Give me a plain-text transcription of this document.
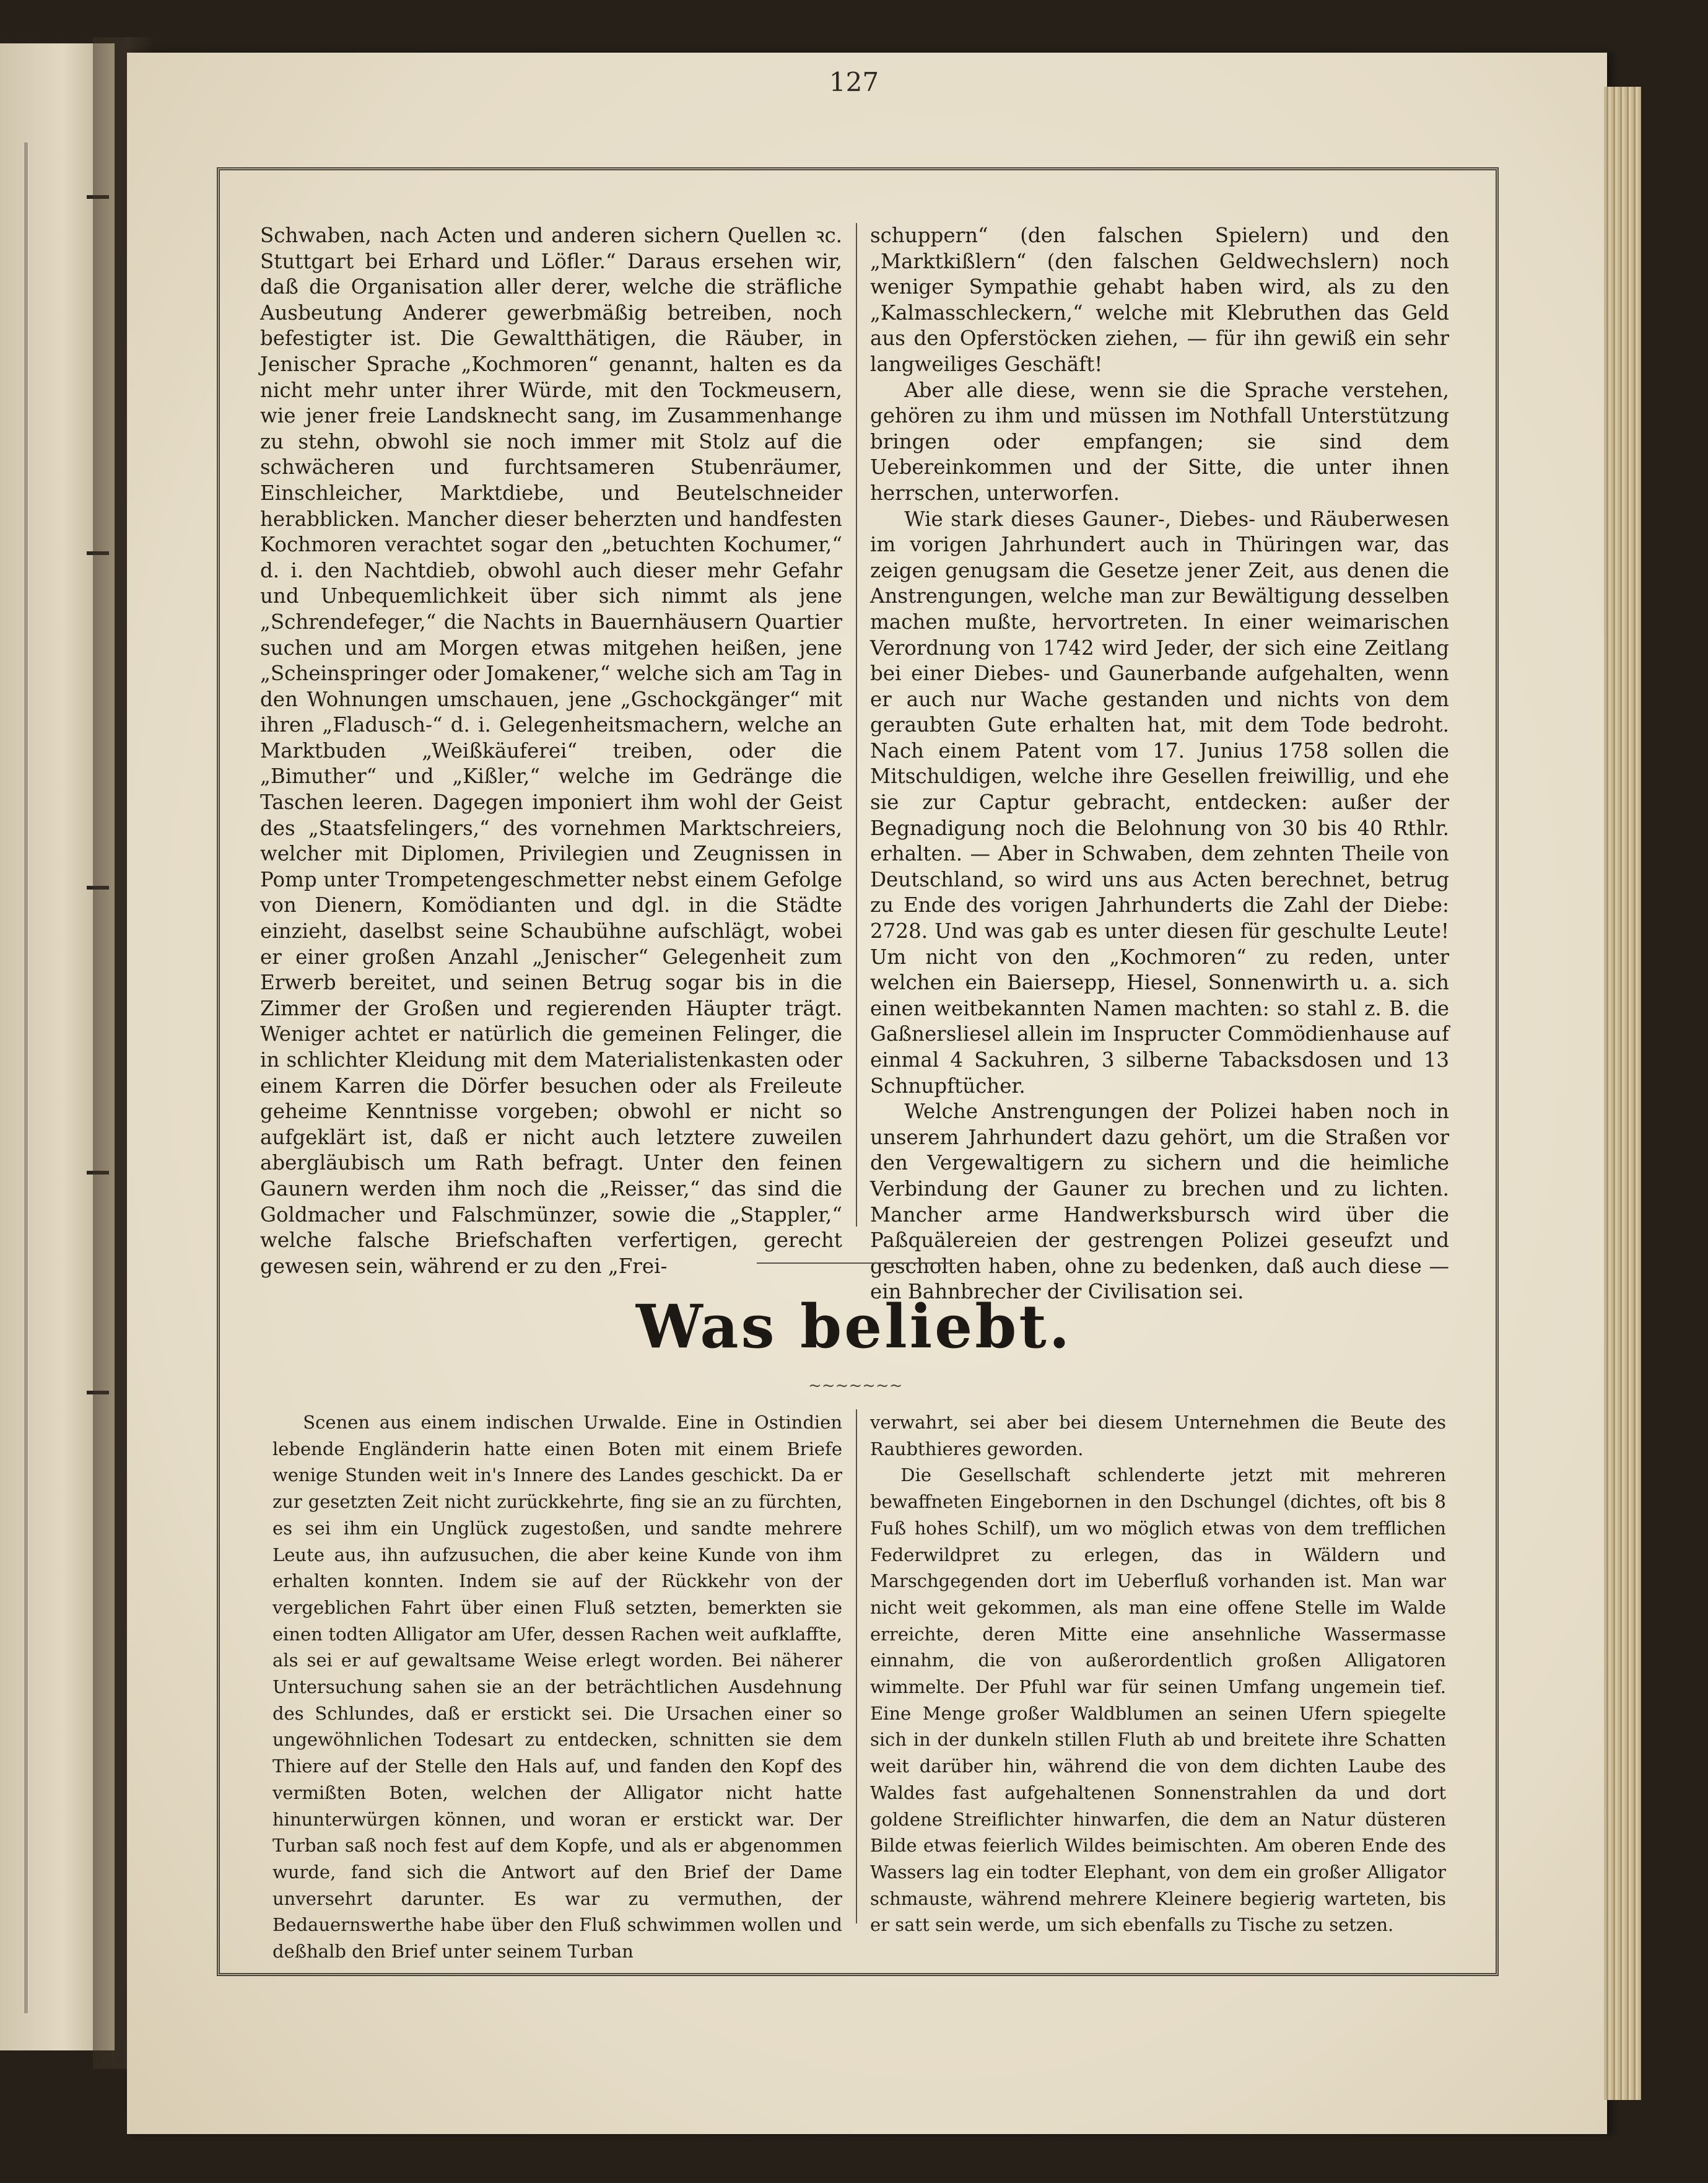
127

Schwaben, nach Acten und anderen sichern Quellen ꝛc. Stuttgart bei Erhard und Löfler.“ Daraus ersehen wir, daß die Organisation aller derer, welche die sträfliche Ausbeutung Anderer gewerbmäßig betreiben, noch befestigter ist. Die Gewaltthätigen, die Räuber, in Jenischer Sprache „Kochmoren“ genannt, halten es da nicht mehr unter ihrer Würde, mit den Tockmeusern, wie jener freie Landsknecht sang, im Zusammenhange zu stehn, obwohl sie noch immer mit Stolz auf die schwächeren und furchtsameren Stubenräumer, Einschleicher, Marktdiebe, und Beutelschneider herabblicken. Mancher dieser beherzten und handfesten Kochmoren verachtet sogar den „betuchten Kochumer,“ d. i. den Nachtdieb, obwohl auch dieser mehr Gefahr und Unbequemlichkeit über sich nimmt als jene „Schrendefeger,“ die Nachts in Bauernhäusern Quartier suchen und am Morgen etwas mitgehen heißen, jene „Scheinspringer oder Jomakener,“ welche sich am Tag in den Wohnungen umschauen, jene „Gschockgänger“ mit ihren „Fladusch-“ d. i. Gelegenheitsmachern, welche an Marktbuden „Weißkäuferei“ treiben, oder die „Bimuther“ und „Kißler,“ welche im Gedränge die Taschen leeren. Dagegen imponiert ihm wohl der Geist des „Staatsfelingers,“ des vornehmen Marktschreiers, welcher mit Diplomen, Privilegien und Zeugnissen in Pomp unter Trompetengeschmetter nebst einem Gefolge von Dienern, Komödianten und dgl. in die Städte einzieht, daselbst seine Schaubühne aufschlägt, wobei er einer großen Anzahl „Jenischer“ Gelegenheit zum Erwerb bereitet, und seinen Betrug sogar bis in die Zimmer der Großen und regierenden Häupter trägt. Weniger achtet er natürlich die gemeinen Felinger, die in schlichter Kleidung mit dem Materialistenkasten oder einem Karren die Dörfer besuchen oder als Freileute geheime Kenntnisse vorgeben; obwohl er nicht so aufgeklärt ist, daß er nicht auch letztere zuweilen abergläubisch um Rath befragt. Unter den feinen Gaunern werden ihm noch die „Reisser,“ das sind die Goldmacher und Falschmünzer, sowie die „Stappler,“ welche falsche Briefschaften verfertigen, gerecht gewesen sein, während er zu den „Frei-

schuppern“ (den falschen Spielern) und den „Marktkißlern“ (den falschen Geldwechslern) noch weniger Sympathie gehabt haben wird, als zu den „Kalmasschleckern,“ welche mit Klebruthen das Geld aus den Opferstöcken ziehen, — für ihn gewiß ein sehr langweiliges Geschäft!

Aber alle diese, wenn sie die Sprache verstehen, gehören zu ihm und müssen im Nothfall Unterstützung bringen oder empfangen; sie sind dem Uebereinkommen und der Sitte, die unter ihnen herrschen, unterworfen.

Wie stark dieses Gauner-, Diebes- und Räuberwesen im vorigen Jahrhundert auch in Thüringen war, das zeigen genugsam die Gesetze jener Zeit, aus denen die Anstrengungen, welche man zur Bewältigung desselben machen mußte, hervortreten. In einer weimarischen Verordnung von 1742 wird Jeder, der sich eine Zeitlang bei einer Diebes- und Gaunerbande aufgehalten, wenn er auch nur Wache gestanden und nichts von dem geraubten Gute erhalten hat, mit dem Tode bedroht. Nach einem Patent vom 17. Junius 1758 sollen die Mitschuldigen, welche ihre Gesellen freiwillig, und ehe sie zur Captur gebracht, entdecken: außer der Begnadigung noch die Belohnung von 30 bis 40 Rthlr. erhalten. — Aber in Schwaben, dem zehnten Theile von Deutschland, so wird uns aus Acten berechnet, betrug zu Ende des vorigen Jahrhunderts die Zahl der Diebe: 2728. Und was gab es unter diesen für geschulte Leute! Um nicht von den „Kochmoren“ zu reden, unter welchen ein Baiersepp, Hiesel, Sonnenwirth u. a. sich einen weitbekannten Namen machten: so stahl z. B. die Gaßnersliesel allein im Inspructer Commödienhause auf einmal 4 Sackuhren, 3 silberne Tabacksdosen und 13 Schnupftücher.

Welche Anstrengungen der Polizei haben noch in unserem Jahrhundert dazu gehört, um die Straßen vor den Vergewaltigern zu sichern und die heimliche Verbindung der Gauner zu brechen und zu lichten. Mancher arme Handwerksbursch wird über die Paßquälereien der gestrengen Polizei geseufzt und gescholten haben, ohne zu bedenken, daß auch diese — ein Bahnbrecher der Civilisation sei.

Was beliebt.
~~~~~~~

Scenen aus einem indischen Urwalde. Eine in Ostindien lebende Engländerin hatte einen Boten mit einem Briefe wenige Stunden weit in's Innere des Landes geschickt. Da er zur gesetzten Zeit nicht zurückkehrte, fing sie an zu fürchten, es sei ihm ein Unglück zugestoßen, und sandte mehrere Leute aus, ihn aufzusuchen, die aber keine Kunde von ihm erhalten konnten. Indem sie auf der Rückkehr von der vergeblichen Fahrt über einen Fluß setzten, bemerkten sie einen todten Alligator am Ufer, dessen Rachen weit aufklaffte, als sei er auf gewaltsame Weise erlegt worden. Bei näherer Untersuchung sahen sie an der beträchtlichen Ausdehnung des Schlundes, daß er erstickt sei. Die Ursachen einer so ungewöhnlichen Todesart zu entdecken, schnitten sie dem Thiere auf der Stelle den Hals auf, und fanden den Kopf des vermißten Boten, welchen der Alligator nicht hatte hinunterwürgen können, und woran er erstickt war. Der Turban saß noch fest auf dem Kopfe, und als er abgenommen wurde, fand sich die Antwort auf den Brief der Dame unversehrt darunter. Es war zu vermuthen, der Bedauernswerthe habe über den Fluß schwimmen wollen und deßhalb den Brief unter seinem Turban

verwahrt, sei aber bei diesem Unternehmen die Beute des Raubthieres geworden.

Die Gesellschaft schlenderte jetzt mit mehreren bewaffneten Eingebornen in den Dschungel (dichtes, oft bis 8 Fuß hohes Schilf), um wo möglich etwas von dem trefflichen Federwildpret zu erlegen, das in Wäldern und Marschgegenden dort im Ueberfluß vorhanden ist. Man war nicht weit gekommen, als man eine offene Stelle im Walde erreichte, deren Mitte eine ansehnliche Wassermasse einnahm, die von außerordentlich großen Alligatoren wimmelte. Der Pfuhl war für seinen Umfang ungemein tief. Eine Menge großer Waldblumen an seinen Ufern spiegelte sich in der dunkeln stillen Fluth ab und breitete ihre Schatten weit darüber hin, während die von dem dichten Laube des Waldes fast aufgehaltenen Sonnenstrahlen da und dort goldene Streiflichter hinwarfen, die dem an Natur düsteren Bilde etwas feierlich Wildes beimischten. Am oberen Ende des Wassers lag ein todter Elephant, von dem ein großer Alligator schmauste, während mehrere Kleinere begierig warteten, bis er satt sein werde, um sich ebenfalls zu Tische zu setzen.
